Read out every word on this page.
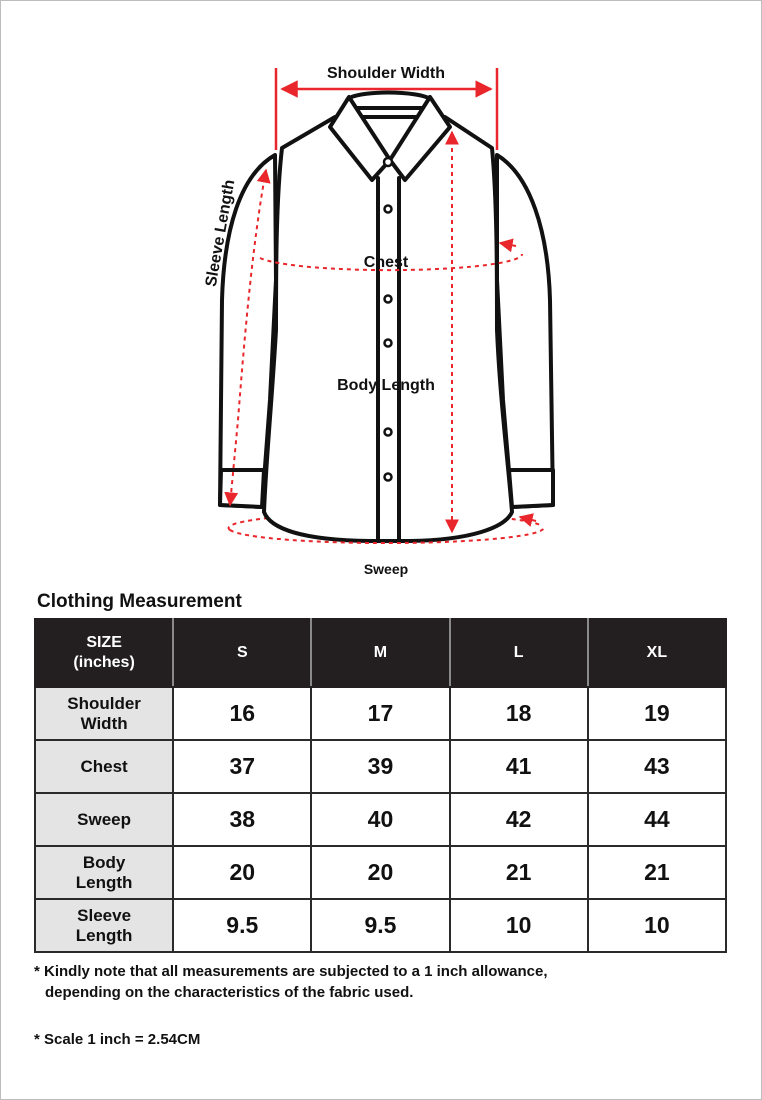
Shoulder Width
Sleeve Length	Chest
Body Length
Sweep
Clothing Measurement
SIZE
(inches)	S	M	L	XL
Shoulder
Width	16	17	18	19
Chest	37	39	41	43
Sweep	38	40	42	44
Body
Length	20	20	21	21
Sleeve
Length	9.5	9.5	10	10
* Kindly note that all measurements are subjected to a 1 inch allowance,
depending on the characteristics of the fabric used.
* Scale 1 inch = 2.54CM
